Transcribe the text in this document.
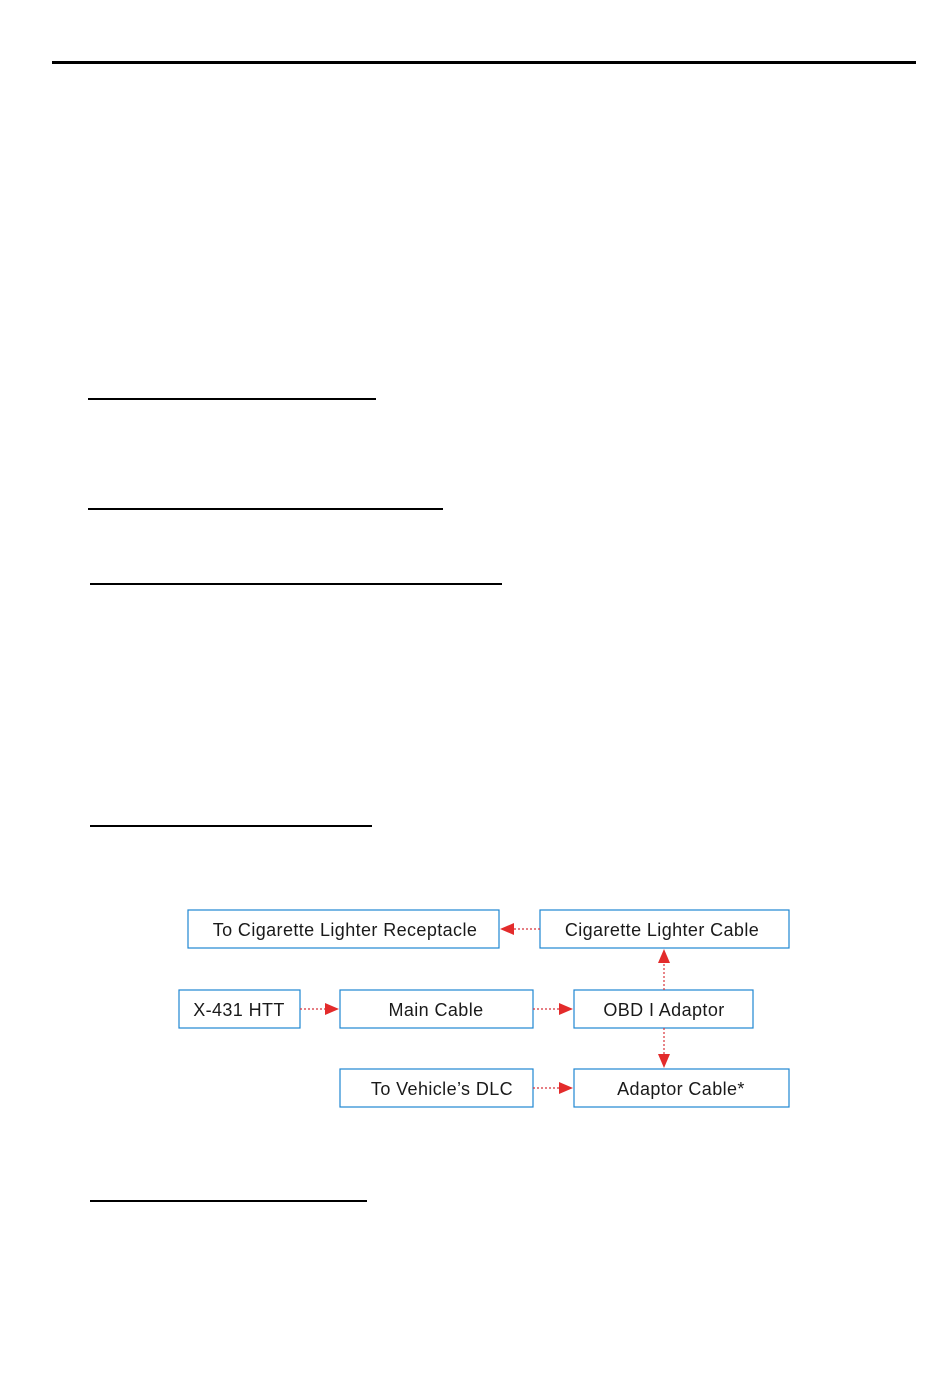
To Cigarette Lighter Receptacle	Cigarette Lighter Cable
X-431 HTT	Main Cable	OBD I Adaptor
To Vehicle’s DLC	Adaptor Cable*
